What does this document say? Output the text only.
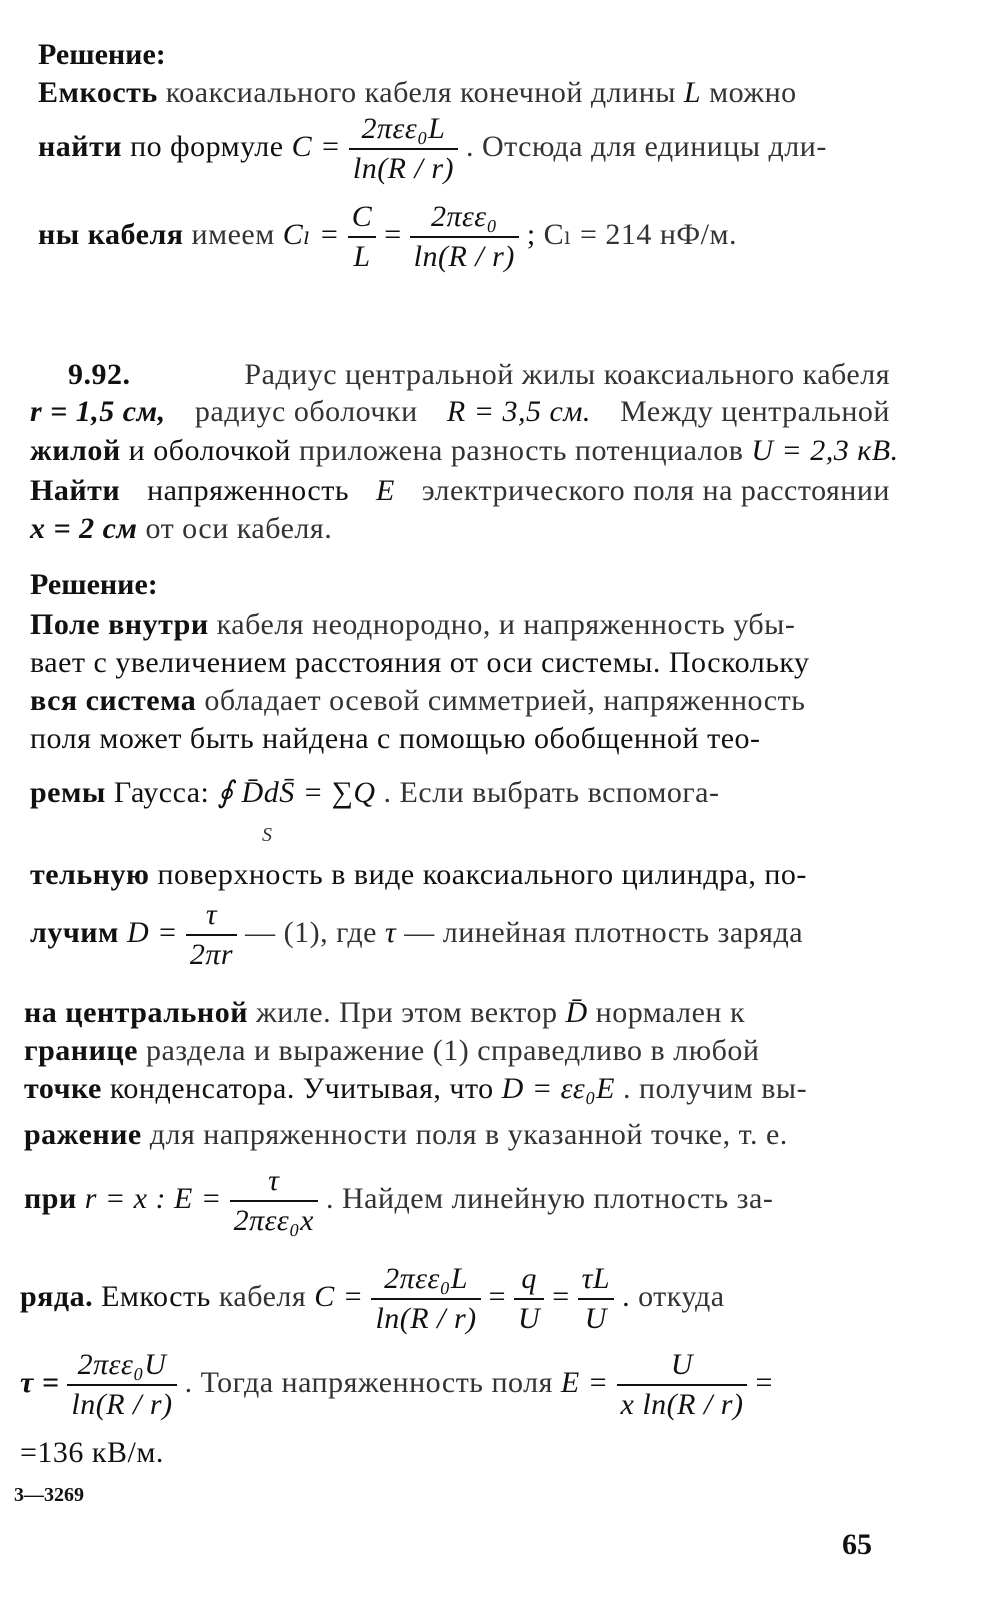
Решение:
Емкость коаксиального кабеля конечной длины L можно
найти по формуле $C = \frac{\text{2πεε₀L}}{\ln(R / r)}$ . Отсюда для единицы дли-
ны кабеля имеем $C_l = \frac{C}{L} = \frac{\text{2πεε₀}}{\ln(R / r)}$ ; Cₗ = 214 нФ/м.
9.92.	Радиус центральной жилы коаксиального кабеля
r = 1,5 см, радиус оболочки R = 3,5 см. Между центральной
жилой и оболочкой приложена разность потенциалов U = 2,3 кВ.
Найти напряженность E электрического поля на расстоянии
x = 2 см от оси кабеля.
Решение:
Поле внутри кабеля неоднородно, и напряженность убы-
вает с увеличением расстояния от оси системы. Поскольку
вся система обладает осевой симметрией, напряженность
поля может быть найдена с помощью обобщенной тео-
ремы Гаусса: ∮ D̄dS̄ = ∑Q . Если выбрать вспомога-
S
тельную поверхность в виде коаксиального цилиндра, по-
лучим $D = \frac{\tau}{2\pi r}$ — (1), где τ — линейная плотность заряда
на центральной жиле. При этом вектор D̄ нормален к
границе раздела и выражение (1) справедливо в любой
точке конденсатора. Учитывая, что D = εε₀E . получим вы-
ражение для напряженности поля в указанной точке, т. е.
при r = x : $E = \frac{\tau}{\text{2πεε₀x}}$ . Найдем линейную плотность за-
ряда. Емкость кабеля $C = \frac{\text{2πεε₀L}}{\ln(R / r)} = \frac{q}{U} = \frac{\tau L}{U}$ . откуда
$\tau = \frac{\text{2πεε₀U}}{\ln(R / r)}$ . Тогда напряженность поля $E = \frac{U}{\text{x ln(R / r)}}$ =
=136 кВ/м.
3—3269
65
